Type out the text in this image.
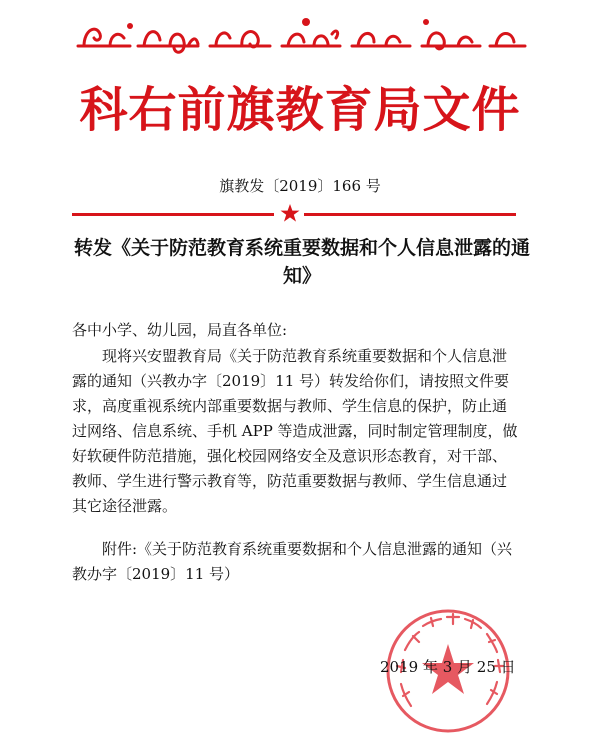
科右前旗教育局文件
旗教发〔2019〕166 号
转发《关于防范教育系统重要数据和个人信息泄露的通知》
各中小学、幼儿园，局直各单位:
现将兴安盟教育局《关于防范教育系统重要数据和个人信息泄露的通知（兴教办字〔2019〕11 号）转发给你们，请按照文件要求，高度重视系统内部重要数据与教师、学生信息的保护，防止通过网络、信息系统、手机 APP 等造成泄露，同时制定管理制度，做好软硬件防范措施，强化校园网络安全及意识形态教育，对干部、教师、学生进行警示教育等，防范重要数据与教师、学生信息通过其它途径泄露。
附件:《关于防范教育系统重要数据和个人信息泄露的通知（兴教办字〔2019〕11 号）
2019 年 3 月 25 日
